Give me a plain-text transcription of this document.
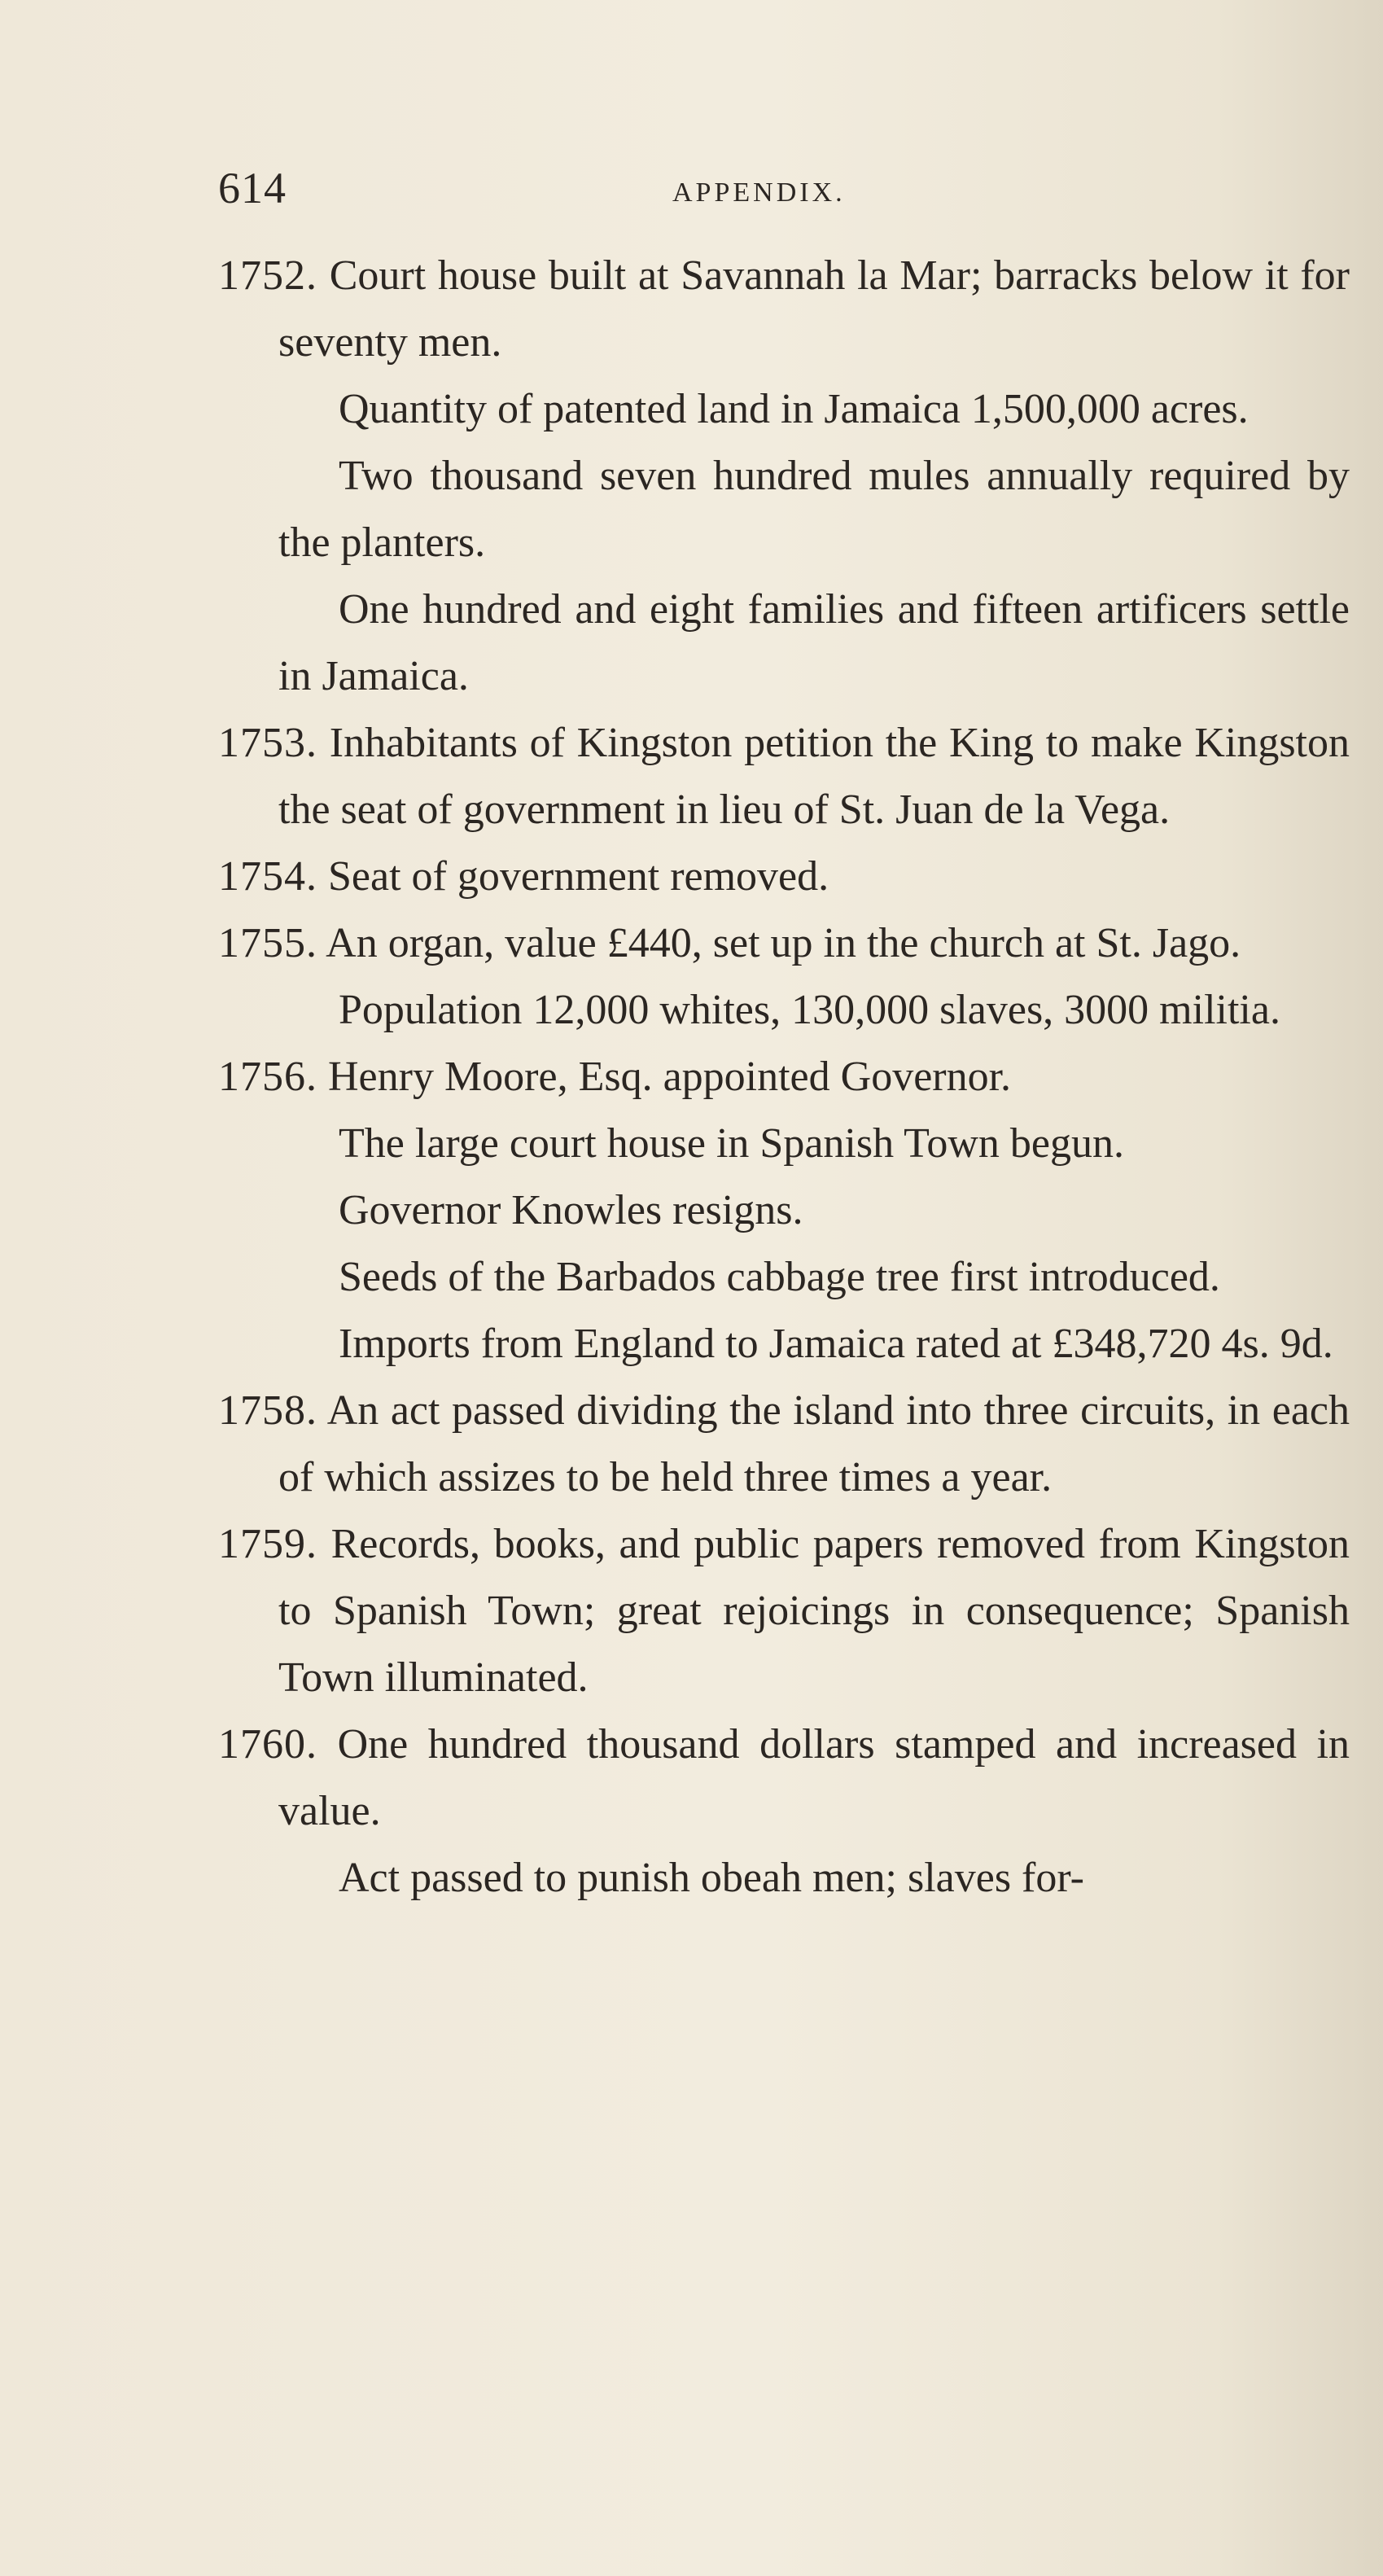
614	APPENDIX.

1752. Court house built at Savannah la Mar; barracks below it for seventy men.

Quantity of patented land in Jamaica 1,500,000 acres.

Two thousand seven hundred mules annually required by the planters.

One hundred and eight families and fifteen artificers settle in Jamaica.

1753. Inhabitants of Kingston petition the King to make Kingston the seat of government in lieu of St. Juan de la Vega.

1754. Seat of government removed.

1755. An organ, value £440, set up in the church at St. Jago.

Population 12,000 whites, 130,000 slaves, 3000 militia.

1756. Henry Moore, Esq. appointed Governor.

The large court house in Spanish Town begun.

Governor Knowles resigns.

Seeds of the Barbados cabbage tree first introduced.

Imports from England to Jamaica rated at £348,720 4s. 9d.

1758. An act passed dividing the island into three circuits, in each of which assizes to be held three times a year.

1759. Records, books, and public papers removed from Kingston to Spanish Town; great rejoicings in consequence; Spanish Town illuminated.

1760. One hundred thousand dollars stamped and increased in value.

Act passed to punish obeah men; slaves for-
